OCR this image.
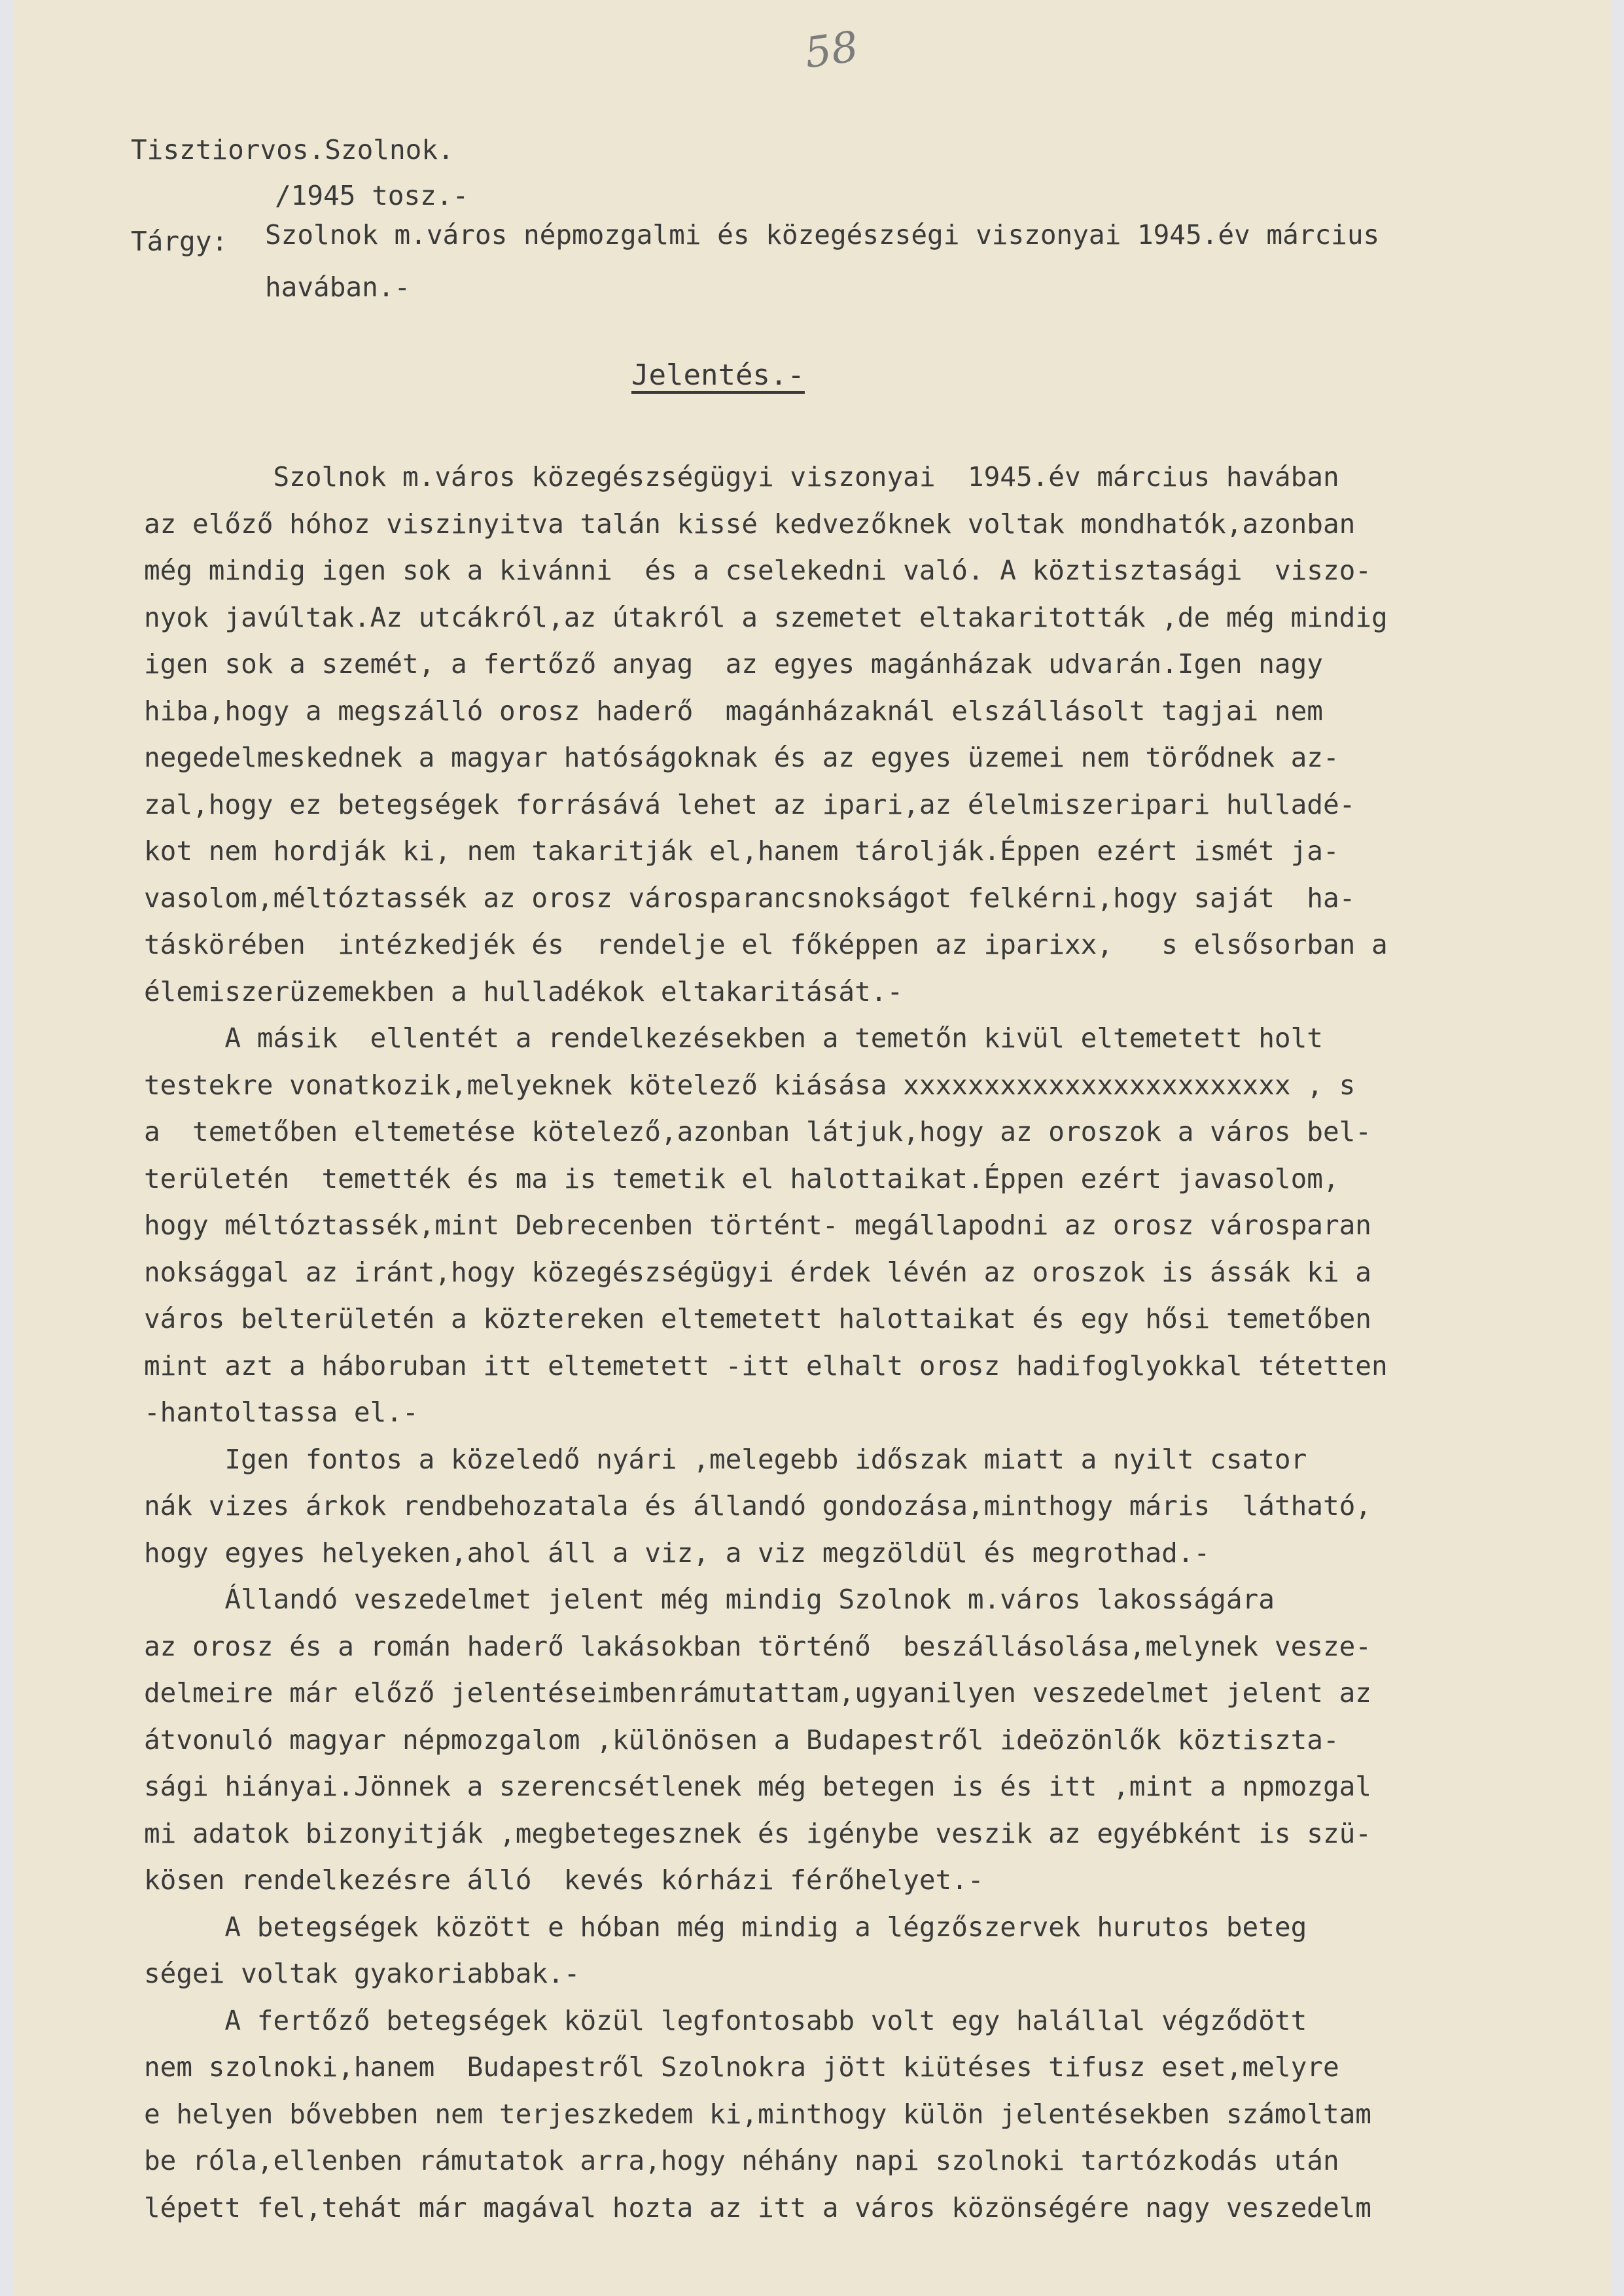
58
Tisztiorvos.Szolnok.
/1945 tosz.-
Tárgy: Szolnok m.város népmozgalmi és közegészségi viszonyai 1945.év március
havában.-
Jelentés.-
Szolnok m.város közegészségügyi viszonyai  1945.év március havában
az előző hóhoz viszinyitva talán kissé kedvezőknek voltak mondhatók,azonban
még mindig igen sok a kivánni  és a cselekedni való. A köztisztasági  viszo-
nyok javúltak.Az utcákról,az útakról a szemetet eltakaritották ,de még mindig
igen sok a szemét, a fertőző anyag  az egyes magánházak udvarán.Igen nagy
hiba,hogy a megszálló orosz haderő  magánházaknál elszállásolt tagjai nem
negedelmeskednek a magyar hatóságoknak és az egyes üzemei nem törődnek az-
zal,hogy ez betegségek forrásává lehet az ipari,az élelmiszeripari hulladé-
kot nem hordják ki, nem takaritják el,hanem tárolják.Éppen ezért ismét ja-
vasolom,méltóztassék az orosz városparancsnokságot felkérni,hogy saját  ha-
táskörében  intézkedjék és  rendelje el főképpen az iparixx,   s elsősorban a
élemiszerüzemekben a hulladékok eltakaritását.-
A másik  ellentét a rendelkezésekben a temetőn kivül eltemetett holt
testekre vonatkozik,melyeknek kötelező kiásása xxxxxxxxxxxxxxxxxxxxxxxx , s
a  temetőben eltemetése kötelező,azonban látjuk,hogy az oroszok a város bel-
területén  temették és ma is temetik el halottaikat.Éppen ezért javasolom,
hogy méltóztassék,mint Debrecenben történt- megállapodni az orosz városparan
noksággal az iránt,hogy közegészségügyi érdek lévén az oroszok is ássák ki a
város belterületén a köztereken eltemetett halottaikat és egy hősi temetőben
mint azt a háboruban itt eltemetett -itt elhalt orosz hadifoglyokkal tétetten
-hantoltassa el.-
Igen fontos a közeledő nyári ,melegebb időszak miatt a nyilt csator
nák vizes árkok rendbehozatala és állandó gondozása,minthogy máris  látható,
hogy egyes helyeken,ahol áll a viz, a viz megzöldül és megrothad.-
Állandó veszedelmet jelent még mindig Szolnok m.város lakosságára
az orosz és a román haderő lakásokban történő  beszállásolása,melynek vesze-
delmeire már előző jelentéseimbenrámutattam,ugyanilyen veszedelmet jelent az
átvonuló magyar népmozgalom ,különösen a Budapestről ideözönlők köztiszta-
sági hiányai.Jönnek a szerencsétlenek még betegen is és itt ,mint a npmozgal
mi adatok bizonyitják ,megbetegesznek és igénybe veszik az egyébként is szü-
kösen rendelkezésre álló  kevés kórházi férőhelyet.-
A betegségek között e hóban még mindig a légzőszervek hurutos beteg
ségei voltak gyakoriabbak.-
A fertőző betegségek közül legfontosabb volt egy halállal végződött
nem szolnoki,hanem  Budapestről Szolnokra jött kiütéses tifusz eset,melyre
e helyen bővebben nem terjeszkedem ki,minthogy külön jelentésekben számoltam
be róla,ellenben rámutatok arra,hogy néhány napi szolnoki tartózkodás után
lépett fel,tehát már magával hozta az itt a város közönségére nagy veszedelm
